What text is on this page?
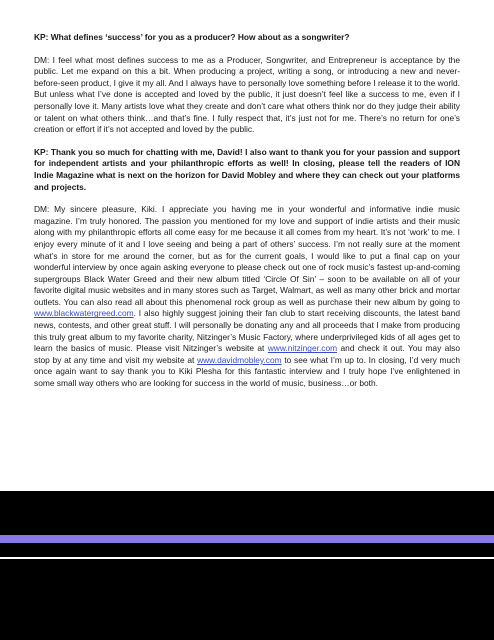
KP: What defines ‘success’ for you as a producer? How about as a songwriter?

DM: I feel what most defines success to me as a Producer, Songwriter, and Entrepreneur is acceptance by the public. Let me expand on this a bit. When producing a project, writing a song, or introducing a new and never-before-seen product, I give it my all. And I always have to personally love something before I release it to the world. But unless what I’ve done is accepted and loved by the public, it just doesn’t feel like a success to me, even if I personally love it. Many artists love what they create and don’t care what others think nor do they judge their ability or talent on what others think…and that’s fine. I fully respect that, it’s just not for me. There’s no return for one’s creation or effort if it’s not accepted and loved by the public.

KP: Thank you so much for chatting with me, David! I also want to thank you for your passion and support for independent artists and your philanthropic efforts as well! In closing, please tell the readers of ION Indie Magazine what is next on the horizon for David Mobley and where they can check out your platforms and projects.

DM: My sincere pleasure, Kiki. I appreciate you having me in your wonderful and informative indie music magazine. I’m truly honored. The passion you mentioned for my love and support of indie artists and their music along with my philanthropic efforts all come easy for me because it all comes from my heart. It’s not ‘work’ to me. I enjoy every minute of it and I love seeing and being a part of others’ success. I’m not really sure at the moment what’s in store for me around the corner, but as for the current goals, I would like to put a final cap on your wonderful interview by once again asking everyone to please check out one of rock music’s fastest up-and-coming supergroups Black Water Greed and their new album titled ‘Circle Of Sin’ – soon to be available on all of your favorite digital music websites and in many stores such as Target, Walmart, as well as many other brick and mortar outlets. You can also read all about this phenomenal rock group as well as purchase their new album by going to www.blackwatergreed.com. I also highly suggest joining their fan club to start receiving discounts, the latest band news, contests, and other great stuff. I will personally be donating any and all proceeds that I make from producing this truly great album to my favorite charity, Nitzinger’s Music Factory, where underprivileged kids of all ages get to learn the basics of music. Please visit Nitzinger’s website at www.nitzinger.com and check it out. You may also stop by at any time and visit my website at www.davidmobley.com to see what I’m up to. In closing, I’d very much once again want to say thank you to Kiki Plesha for this fantastic interview and I truly hope I’ve enlightened in some small way others who are looking for success in the world of music, business…or both.
